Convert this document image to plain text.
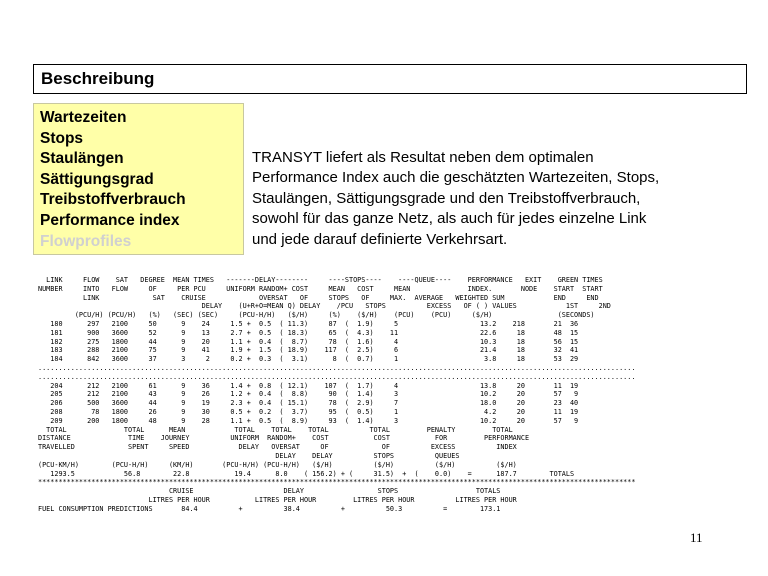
Beschreibung
Wartezeiten
Stops
Staulängen
Sättigungsgrad
Treibstoffverbrauch
Performance index
Flowprofiles
TRANSYT liefert als Resultat neben dem optimalen
Performance Index auch die geschätzten Wartezeiten, Stops,
Staulängen, Sättigungsgrade und den Treibstoffverbrauch,
sowohl für das ganze Netz, als auch für jedes einzelne Link
und jede darauf definierte Verkehrsart.
LINK     FLOW    SAT   DEGREE  MEAN TIMES   -------DELAY--------     ----STOPS----    ----QUEUE----    PERFORMANCE   EXIT    GREEN TIMES
NUMBER     INTO   FLOW     OF     PER PCU     UNIFORM RANDOM+ COST     MEAN   COST     MEAN              INDEX.       NODE    START  START
LINK             SAT    CRUISE             OVERSAT   OF     STOPS   OF     MAX.  AVERAGE   WEIGHTED SUM            END     END
DELAY    (U+R+O=MEAN Q) DELAY    /PCU   STOPS          EXCESS   OF ( ) VALUES            1ST     2ND
(PCU/H) (PCU/H)   (%)   (SEC) (SEC)     (PCU-H/H)   ($/H)     (%)    ($/H)    (PCU)    (PCU)     ($/H)                (SECONDS)
180      297   2100     50      9    24     1.5 +  0.5  ( 11.3)     87  (  1.9)     5                    13.2    218       21  36
181      900   3600     52      9    13     2.7 +  0.5  ( 18.3)     65  (  4.3)    11                    22.6     18       48  15
182      275   1800     44      9    20     1.1 +  0.4  (  8.7)     78  (  1.6)     4                    10.3     18       56  15
183      288   2100     75      9    41     1.9 +  1.5  ( 18.9)    117  (  2.5)     6                    21.4     18       32  41
184      842   3600     37      3     2     0.2 +  0.3  (  3.1)      8  (  0.7)     1                     3.8     18       53  29
..................................................................................................................................................
..................................................................................................................................................
204      212   2100     61      9    36     1.4 +  0.8  ( 12.1)    107  (  1.7)     4                    13.8     20       11  19
205      212   2100     43      9    26     1.2 +  0.4  (  8.8)     90  (  1.4)     3                    10.2     20       57   9
206      500   3600     44      9    19     2.3 +  0.4  ( 15.1)     78  (  2.9)     7                    18.0     20       23  40
208       78   1800     26      9    30     0.5 +  0.2  (  3.7)     95  (  0.5)     1                     4.2     20       11  19
209      200   1800     48      9    28     1.1 +  0.5  (  8.9)     93  (  1.4)     3                    10.2     20       57   9
TOTAL              TOTAL      MEAN            TOTAL    TOTAL    TOTAL          TOTAL         PENALTY         TOTAL
DISTANCE              TIME    JOURNEY          UNIFORM  RANDOM+    COST           COST           FOR         PERFORMANCE
TRAVELLED             SPENT     SPEED            DELAY   OVERSAT     OF             OF          EXCESS          INDEX
DELAY    DELAY          STOPS          QUEUES
(PCU-KM/H)        (PCU-H/H)     (KM/H)       (PCU-H/H) (PCU-H/H)   ($/H)          ($/H)          ($/H)          ($/H)
1293.5            56.8        22.8           19.4      8.0    ( 156.2) + (     31.5)  +  (    0.0)    =      187.7        TOTALS
**************************************************************************************************************************************************
CRUISE                      DELAY                  STOPS                   TOTALS
LITRES PER HOUR           LITRES PER HOUR         LITRES PER HOUR          LITRES PER HOUR
FUEL CONSUMPTION PREDICTIONS       84.4          +          38.4          +          50.3          =        173.1
11
